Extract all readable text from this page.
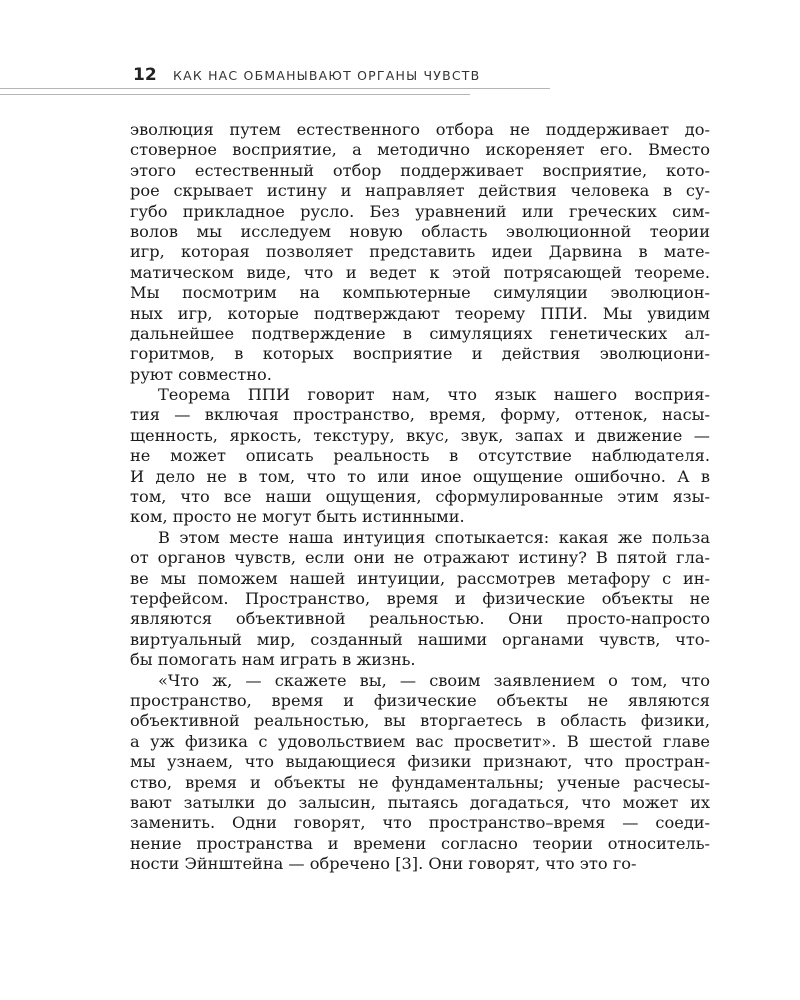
12 КАК НАС ОБМАНЫВАЮТ ОРГАНЫ ЧУВСТВ

эволюция путем естественного отбора не поддерживает до-
стоверное восприятие, а методично искореняет его. Вместо
этого естественный отбор поддерживает восприятие, кото-
рое скрывает истину и направляет действия человека в су-
губо прикладное русло. Без уравнений или греческих сим-
волов мы исследуем новую область эволюционной теории
игр, которая позволяет представить идеи Дарвина в мате-
матическом виде, что и ведет к этой потрясающей теореме.
Мы посмотрим на компьютерные симуляции эволюцион-
ных игр, которые подтверждают теорему ППИ. Мы увидим
дальнейшее подтверждение в симуляциях генетических ал-
горитмов, в которых восприятие и действия эволюциони-
руют совместно.

Теорема ППИ говорит нам, что язык нашего восприя-
тия — включая пространство, время, форму, оттенок, насы-
щенность, яркость, текстуру, вкус, звук, запах и движение —
не может описать реальность в отсутствие наблюдателя.
И дело не в том, что то или иное ощущение ошибочно. А в
том, что все наши ощущения, сформулированные этим язы-
ком, просто не могут быть истинными.

В этом месте наша интуиция спотыкается: какая же польза
от органов чувств, если они не отражают истину? В пятой гла-
ве мы поможем нашей интуиции, рассмотрев метафору с ин-
терфейсом. Пространство, время и физические объекты не
являются объективной реальностью. Они просто-напросто
виртуальный мир, созданный нашими органами чувств, что-
бы помогать нам играть в жизнь.

«Что ж, — скажете вы, — своим заявлением о том, что
пространство, время и физические объекты не являются
объективной реальностью, вы вторгаетесь в область физики,
а уж физика с удовольствием вас просветит». В шестой главе
мы узнаем, что выдающиеся физики признают, что простран-
ство, время и объекты не фундаментальны; ученые расчесы-
вают затылки до залысин, пытаясь догадаться, что может их
заменить. Одни говорят, что пространство–время — соеди-
нение пространства и времени согласно теории относитель-
ности Эйнштейна — обречено [3]. Они говорят, что это го-
